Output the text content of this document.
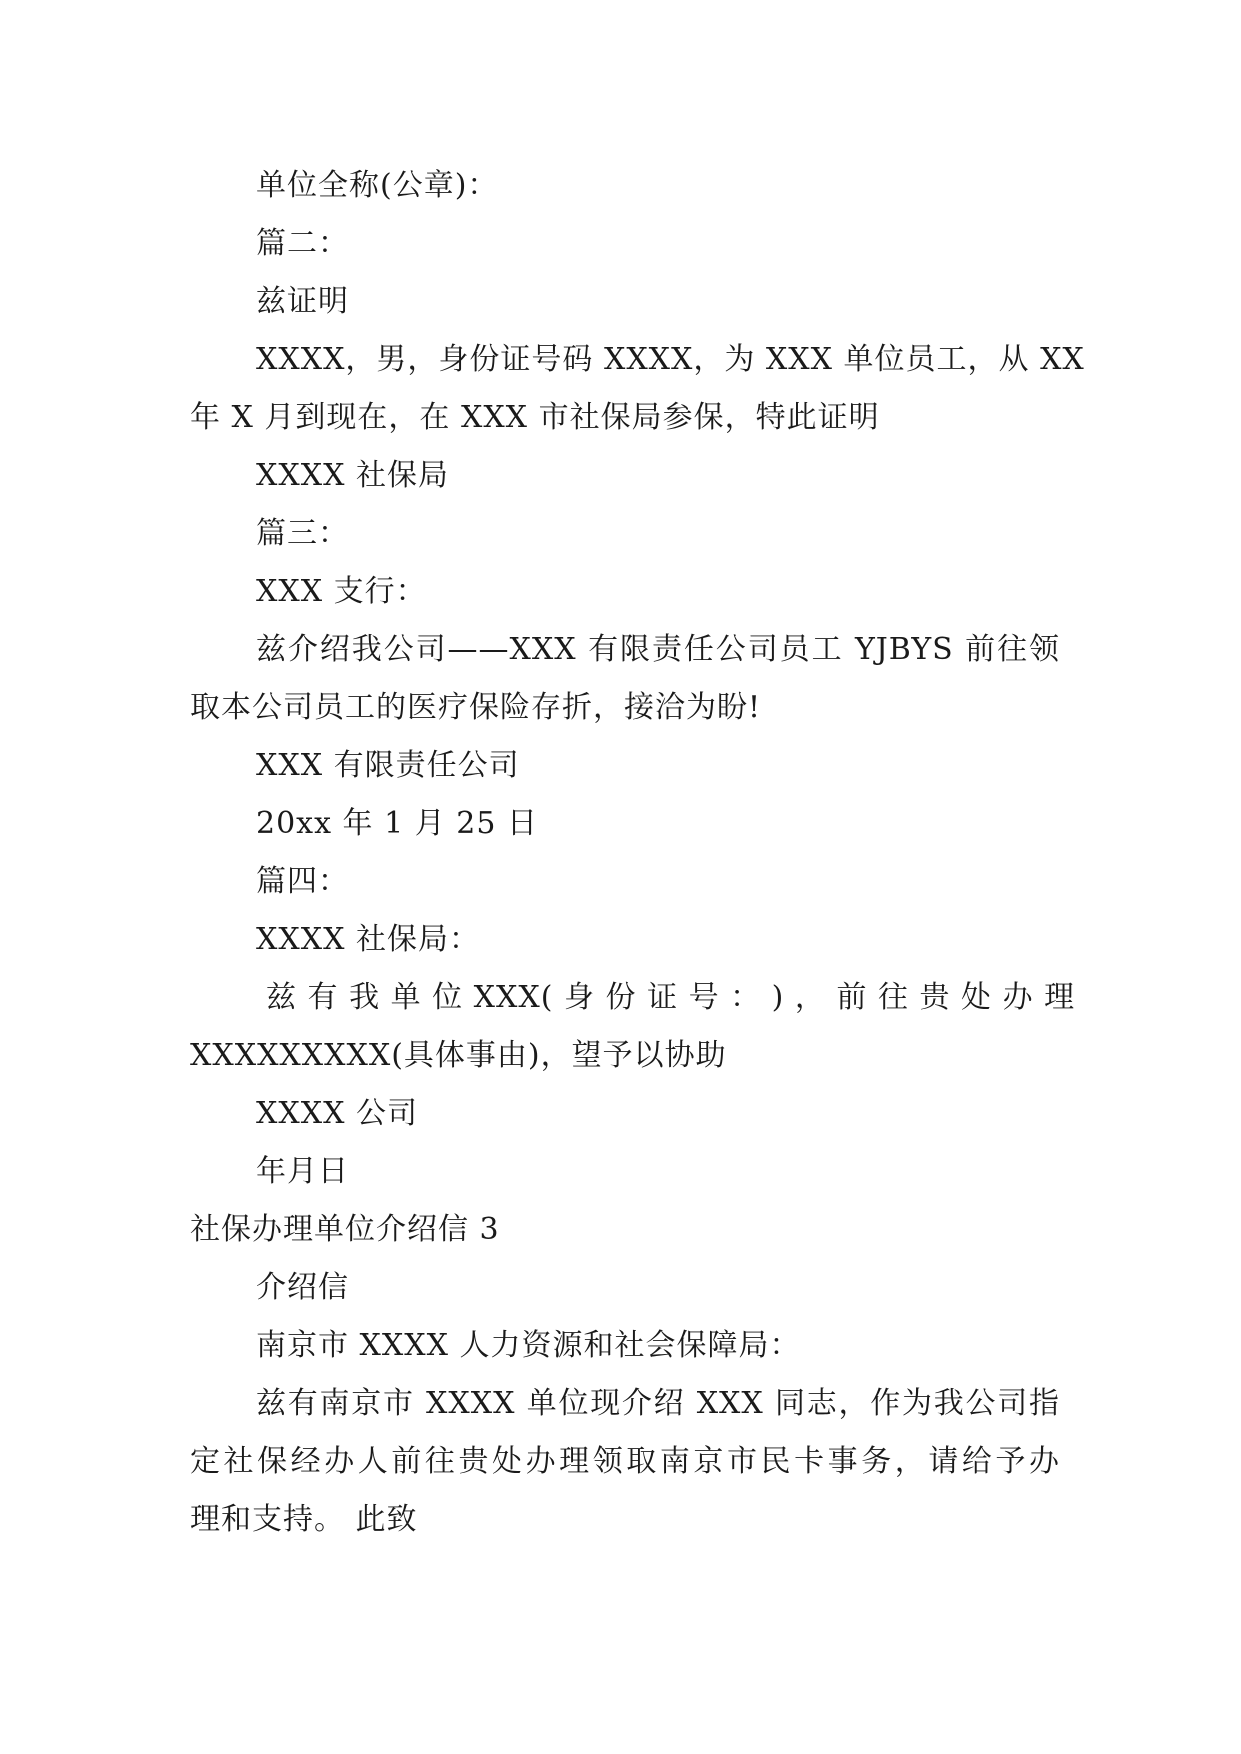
单位全称(公章)：
篇二：
兹证明
XXXX，男，身份证号码 XXXX，为 XXX 单位员工，从 XX
年 X 月到现在，在 XXX 市社保局参保，特此证明
XXXX 社保局
篇三：
XXX 支行：
兹介绍我公司——XXX 有限责任公司员工 YJBYS 前往领
取本公司员工的医疗保险存折，接洽为盼!
XXX 有限责任公司
20xx 年 1 月 25 日
篇四：
XXXX 社保局：
兹 有 我 单 位 XXX( 身 份 证 号 ： ) ， 前 往 贵 处 办 理
XXXXXXXXX(具体事由)，望予以协助
XXXX 公司
年月日
社保办理单位介绍信 3
介绍信
南京市 XXXX 人力资源和社会保障局：
兹有南京市 XXXX 单位现介绍 XXX 同志，作为我公司指
定社保经办人前往贵处办理领取南京市民卡事务，请给予办
理和支持。 此致
